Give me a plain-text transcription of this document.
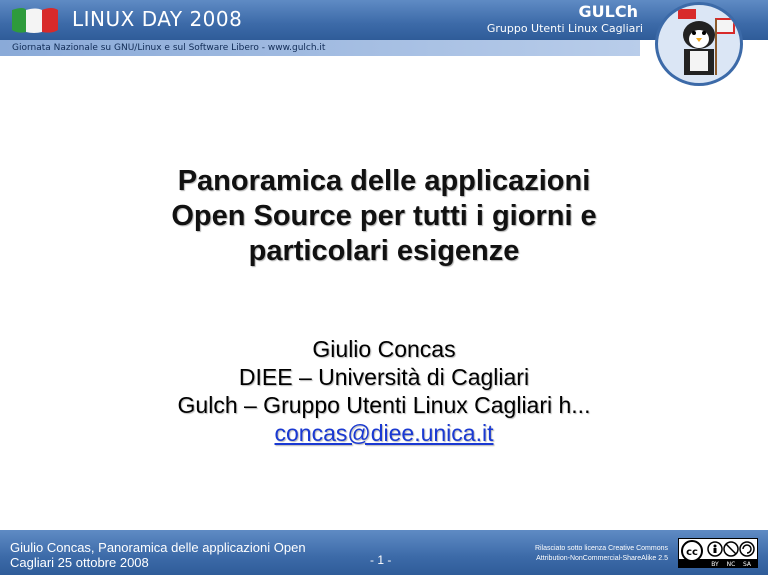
LINUX DAY 2008	GULCh
Gruppo Utenti Linux Cagliari
Giornata Nazionale su GNU/Linux e sul Software Libero - www.gulch.it
Panoramica delle applicazioni
Open Source per tutti i giorni e
particolari esigenze
Giulio Concas
DIEE – Università di Cagliari
Gulch – Gruppo Utenti Linux Cagliari h...
concas@diee.unica.it
Giulio Concas, Panoramica delle applicazioni Open
Cagliari 25 ottobre 2008	- 1 -
Rilasciato sotto licenza Creative Commons
Attribution-NonCommercial-ShareAlike 2.5
cc
BY NC SA
